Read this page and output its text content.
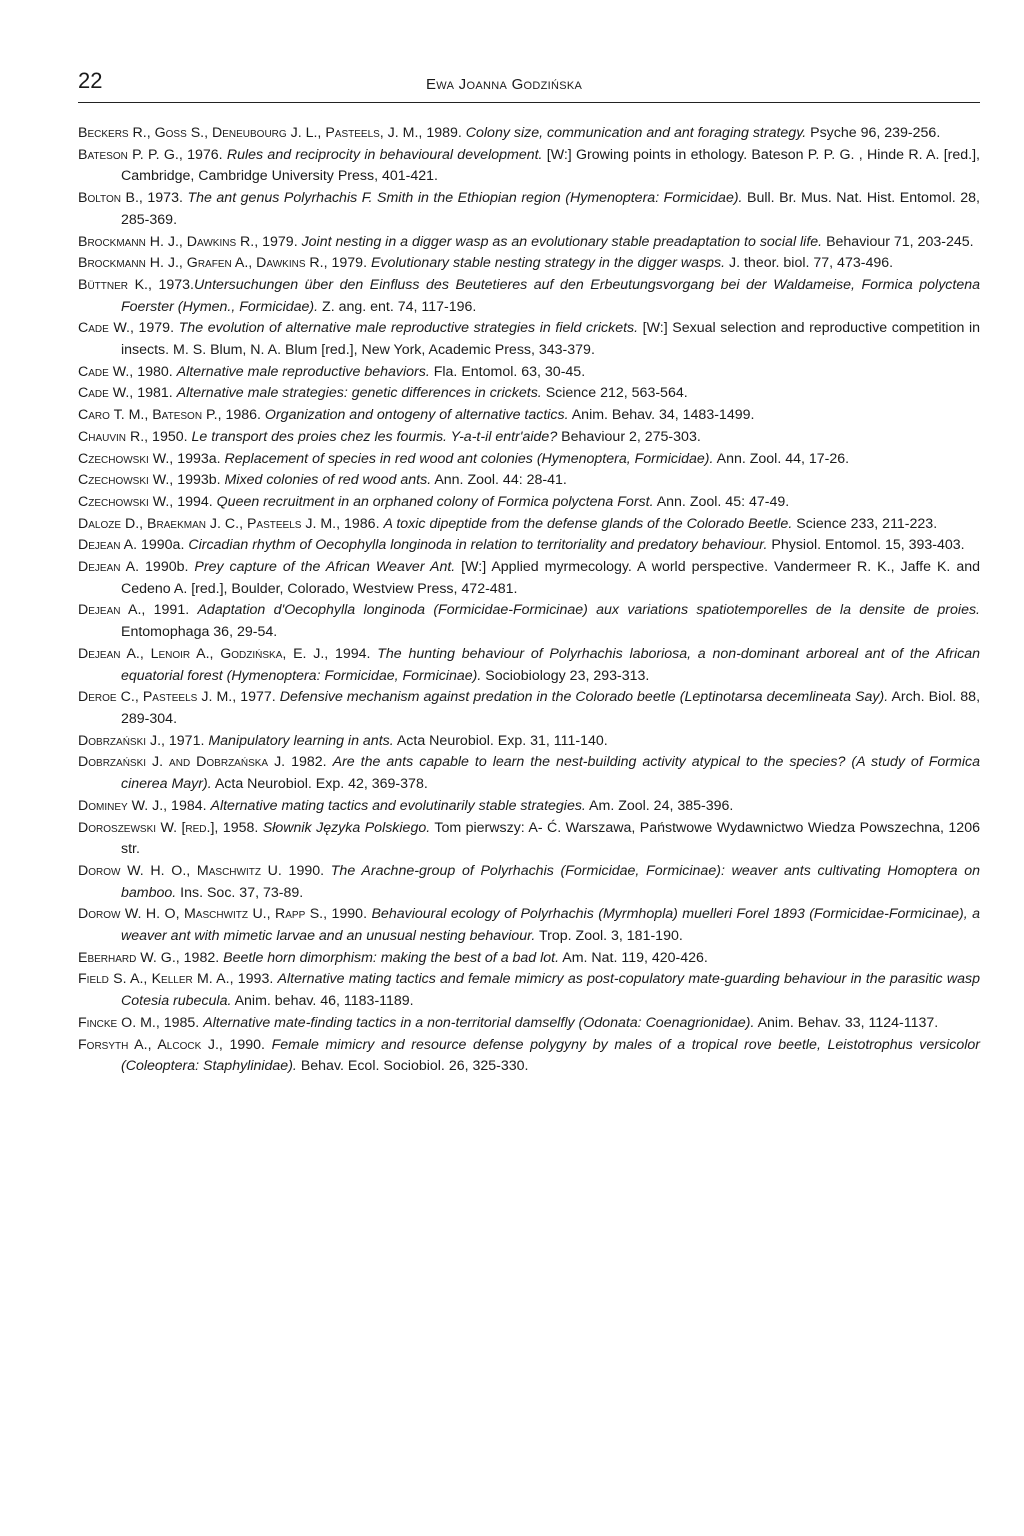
22	Ewa Joanna Godzińska

Beckers R., Goss S., Deneubourg J. L., Pasteels, J. M., 1989. Colony size, communication and ant foraging strategy. Psyche 96, 239-256.

Bateson P. P. G., 1976. Rules and reciprocity in behavioural development. [W:] Growing points in ethology. Bateson P. P. G. , Hinde R. A. [red.], Cambridge, Cambridge University Press, 401-421.

Bolton B., 1973. The ant genus Polyrhachis F. Smith in the Ethiopian region (Hymenoptera: Formicidae). Bull. Br. Mus. Nat. Hist. Entomol. 28, 285-369.

Brockmann H. J., Dawkins R., 1979. Joint nesting in a digger wasp as an evolutionary stable preadaptation to social life. Behaviour 71, 203-245.

Brockmann H. J., Grafen A., Dawkins R., 1979. Evolutionary stable nesting strategy in the digger wasps. J. theor. biol. 77, 473-496.

Büttner K., 1973.Untersuchungen über den Einfluss des Beutetieres auf den Erbeutungsvorgang bei der Waldameise, Formica polyctena Foerster (Hymen., Formicidae). Z. ang. ent. 74, 117-196.

Cade W., 1979. The evolution of alternative male reproductive strategies in field crickets. [W:] Sexual selection and reproductive competition in insects. M. S. Blum, N. A. Blum [red.], New York, Academic Press, 343-379.

Cade W., 1980. Alternative male reproductive behaviors. Fla. Entomol. 63, 30-45.

Cade W., 1981. Alternative male strategies: genetic differences in crickets. Science 212, 563-564.

Caro T. M., Bateson P., 1986. Organization and ontogeny of alternative tactics. Anim. Behav. 34, 1483-1499.

Chauvin R., 1950. Le transport des proies chez les fourmis. Y-a-t-il entr'aide? Behaviour 2, 275-303.

Czechowski W., 1993a. Replacement of species in red wood ant colonies (Hymenoptera, Formicidae). Ann. Zool. 44, 17-26.

Czechowski W., 1993b. Mixed colonies of red wood ants. Ann. Zool. 44: 28-41.

Czechowski W., 1994. Queen recruitment in an orphaned colony of Formica polyctena Forst. Ann. Zool. 45: 47-49.

Daloze D., Braekman J. C., Pasteels J. M., 1986. A toxic dipeptide from the defense glands of the Colorado Beetle. Science 233, 211-223.

Dejean A. 1990a. Circadian rhythm of Oecophylla longinoda in relation to territoriality and predatory behaviour. Physiol. Entomol. 15, 393-403.

Dejean A. 1990b. Prey capture of the African Weaver Ant. [W:] Applied myrmecology. A world perspective. Vandermeer R. K., Jaffe K. and Cedeno A. [red.], Boulder, Colorado, Westview Press, 472-481.

Dejean A., 1991. Adaptation d'Oecophylla longinoda (Formicidae-Formicinae) aux variations spatiotemporelles de la densite de proies. Entomophaga 36, 29-54.

Dejean A., Lenoir A., Godzińska, E. J., 1994. The hunting behaviour of Polyrhachis laboriosa, a non-dominant arboreal ant of the African equatorial forest (Hymenoptera: Formicidae, Formicinae). Sociobiology 23, 293-313.

Deroe C., Pasteels J. M., 1977. Defensive mechanism against predation in the Colorado beetle (Leptinotarsa decemlineata Say). Arch. Biol. 88, 289-304.

Dobrzański J., 1971. Manipulatory learning in ants. Acta Neurobiol. Exp. 31, 111-140.

Dobrzański J. and Dobrzańska J. 1982. Are the ants capable to learn the nest-building activity atypical to the species? (A study of Formica cinerea Mayr). Acta Neurobiol. Exp. 42, 369-378.

Dominey W. J., 1984. Alternative mating tactics and evolutinarily stable strategies. Am. Zool. 24, 385-396.

Doroszewski W. [red.], 1958. Słownik Języka Polskiego. Tom pierwszy: A- Ć. Warszawa, Państwowe Wydawnictwo Wiedza Powszechna, 1206 str.

Dorow W. H. O., Maschwitz U. 1990. The Arachne-group of Polyrhachis (Formicidae, Formicinae): weaver ants cultivating Homoptera on bamboo. Ins. Soc. 37, 73-89.

Dorow W. H. O, Maschwitz U., Rapp S., 1990. Behavioural ecology of Polyrhachis (Myrmhopla) muelleri Forel 1893 (Formicidae-Formicinae), a weaver ant with mimetic larvae and an unusual nesting behaviour. Trop. Zool. 3, 181-190.

Eberhard W. G., 1982. Beetle horn dimorphism: making the best of a bad lot. Am. Nat. 119, 420-426.

Field S. A., Keller M. A., 1993. Alternative mating tactics and female mimicry as post-copulatory mate-guarding behaviour in the parasitic wasp Cotesia rubecula. Anim. behav. 46, 1183-1189.

Fincke O. M., 1985. Alternative mate-finding tactics in a non-territorial damselfly (Odonata: Coenagrionidae). Anim. Behav. 33, 1124-1137.

Forsyth A., Alcock J., 1990. Female mimicry and resource defense polygyny by males of a tropical rove beetle, Leistotrophus versicolor (Coleoptera: Staphylinidae). Behav. Ecol. Sociobiol. 26, 325-330.
